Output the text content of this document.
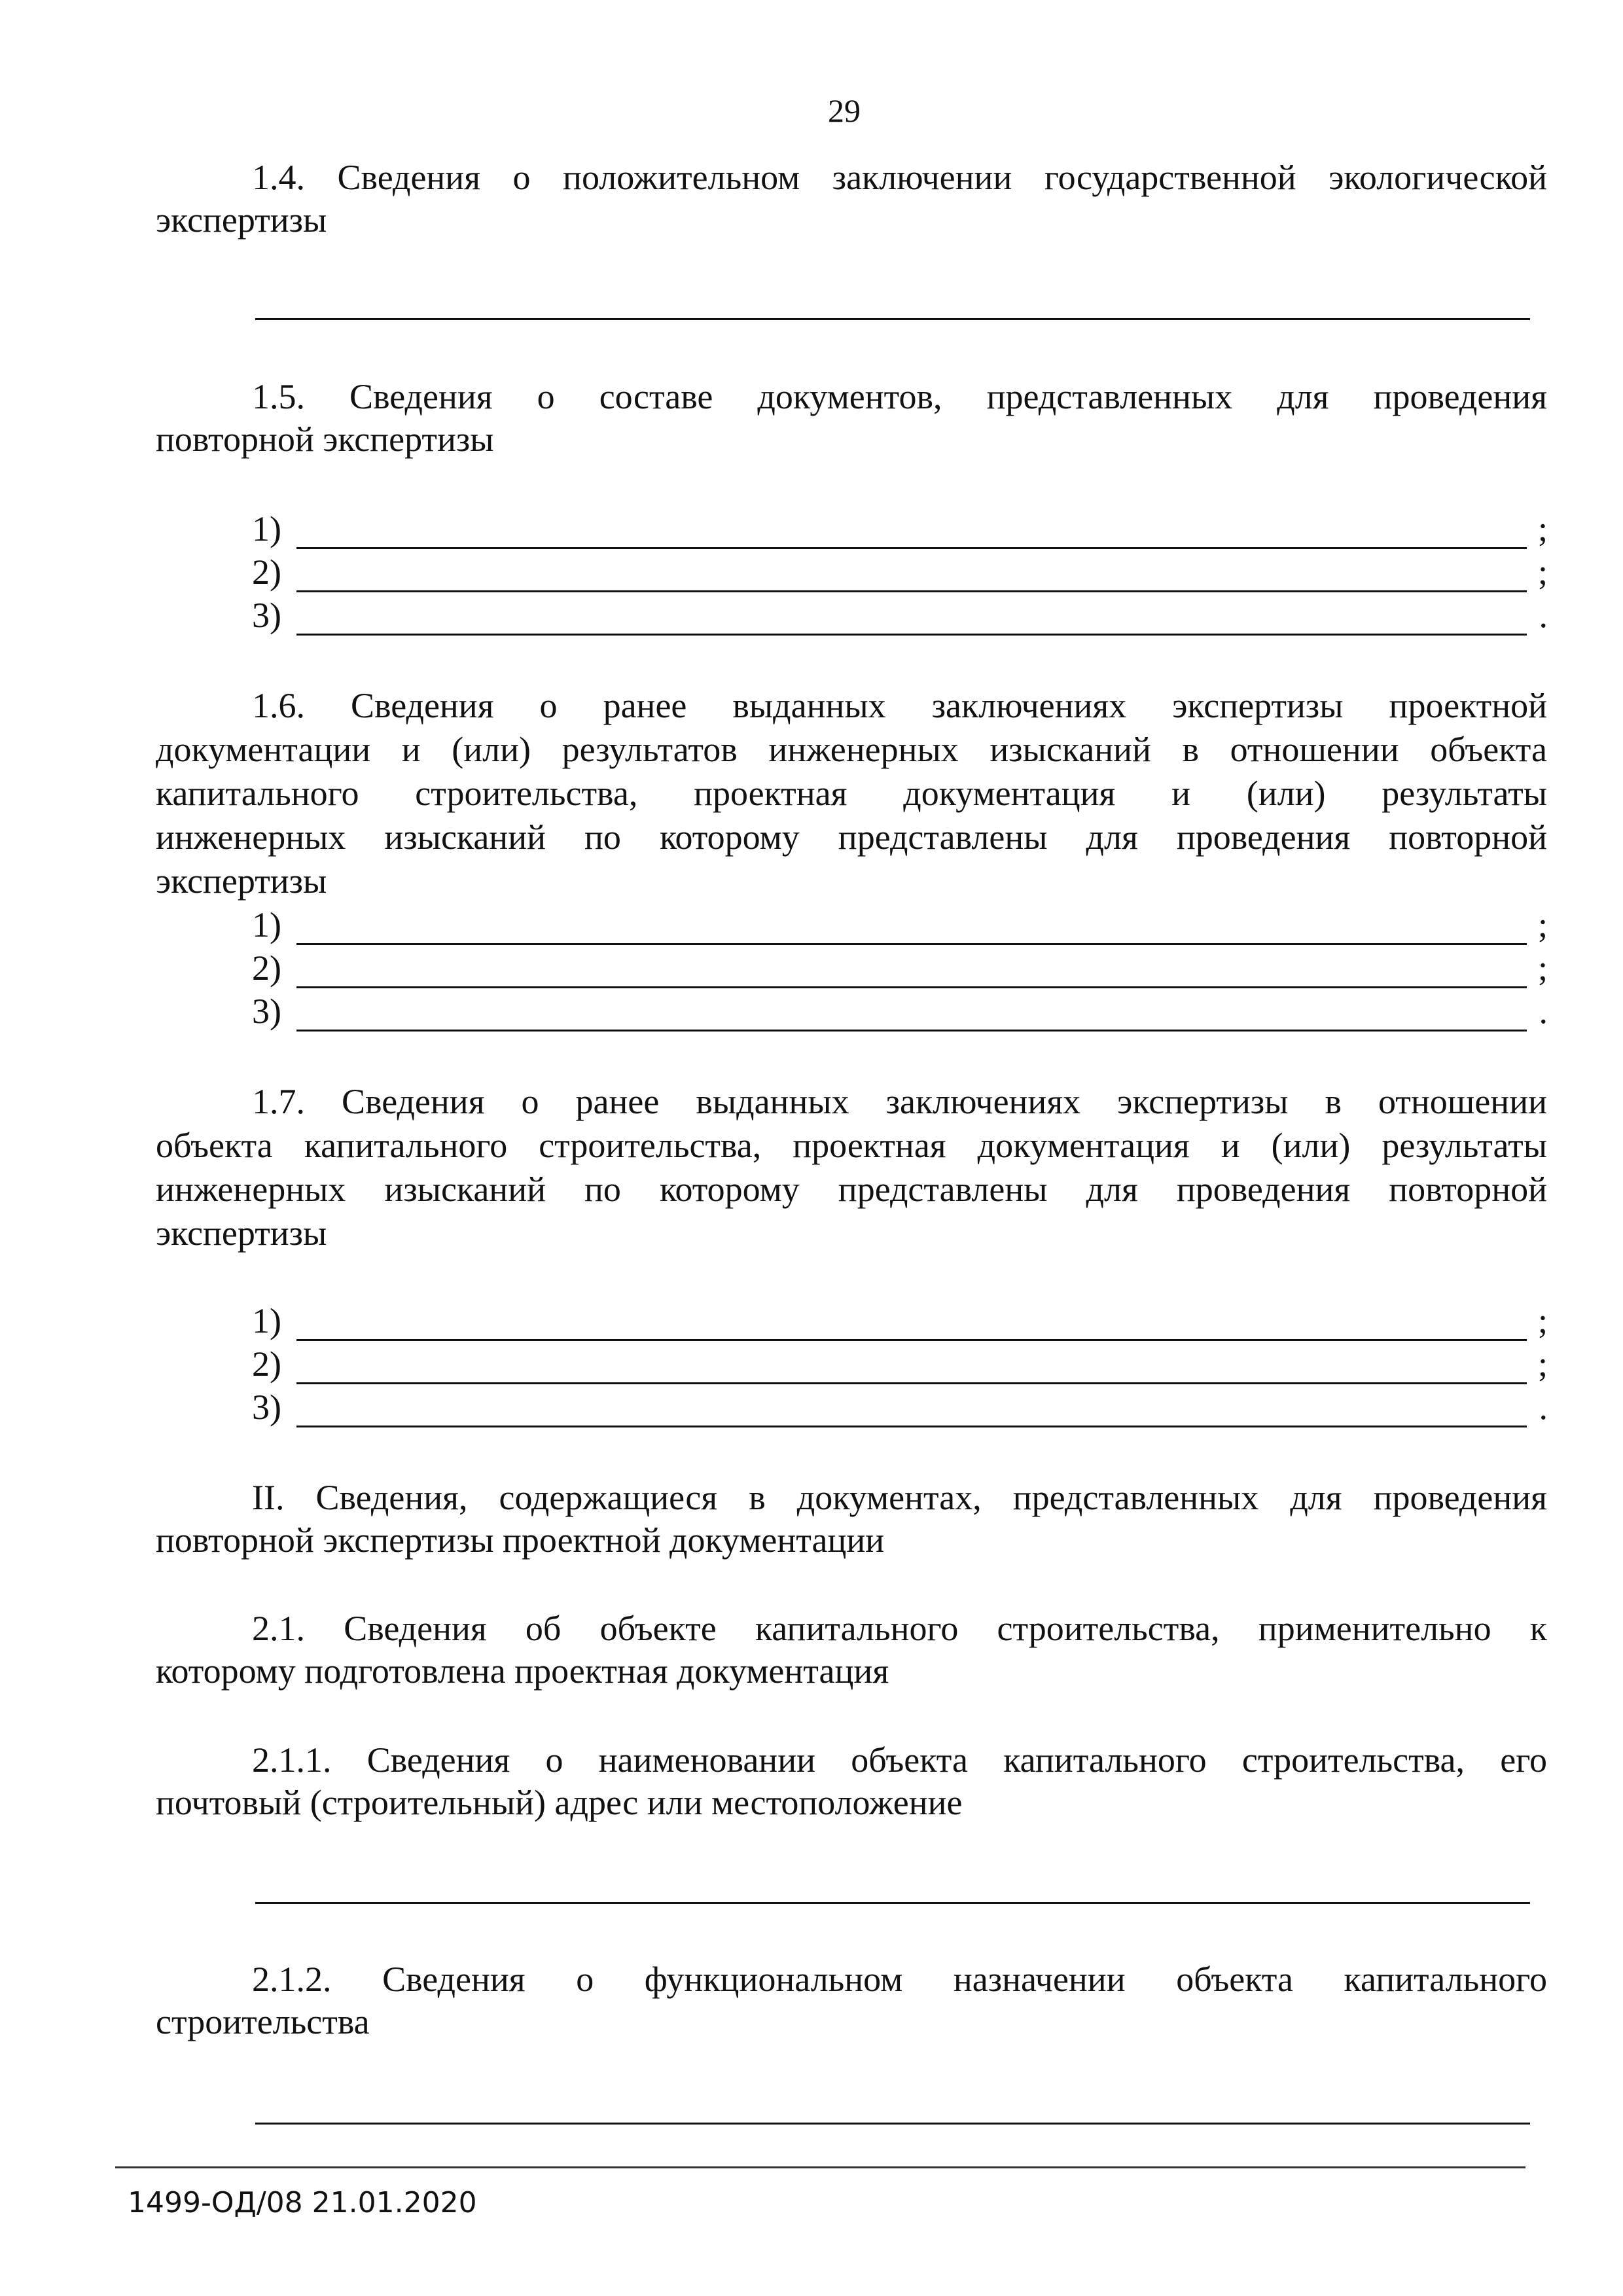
29
1.4. Сведения о положительном заключении государственной экологической
экспертизы
1.5. Сведения о составе документов, представленных для проведения
повторной экспертизы
1)	;
2)	;
3)	.
1.6. Сведения о ранее выданных заключениях экспертизы проектной
документации и (или) результатов инженерных изысканий в отношении объекта
капитального строительства, проектная документация и (или) результаты
инженерных изысканий по которому представлены для проведения повторной
экспертизы
1)	;
2)	;
3)	.
1.7. Сведения о ранее выданных заключениях экспертизы в отношении
объекта капитального строительства, проектная документация и (или) результаты
инженерных изысканий по которому представлены для проведения повторной
экспертизы
1)	;
2)	;
3)	.
II. Сведения, содержащиеся в документах, представленных для проведения
повторной экспертизы проектной документации
2.1. Сведения об объекте капитального строительства, применительно к
которому подготовлена проектная документация
2.1.1. Сведения о наименовании объекта капитального строительства, его
почтовый (строительный) адрес или местоположение
2.1.2. Сведения о функциональном назначении объекта капитального
строительства
1499-ОД/08 21.01.2020
